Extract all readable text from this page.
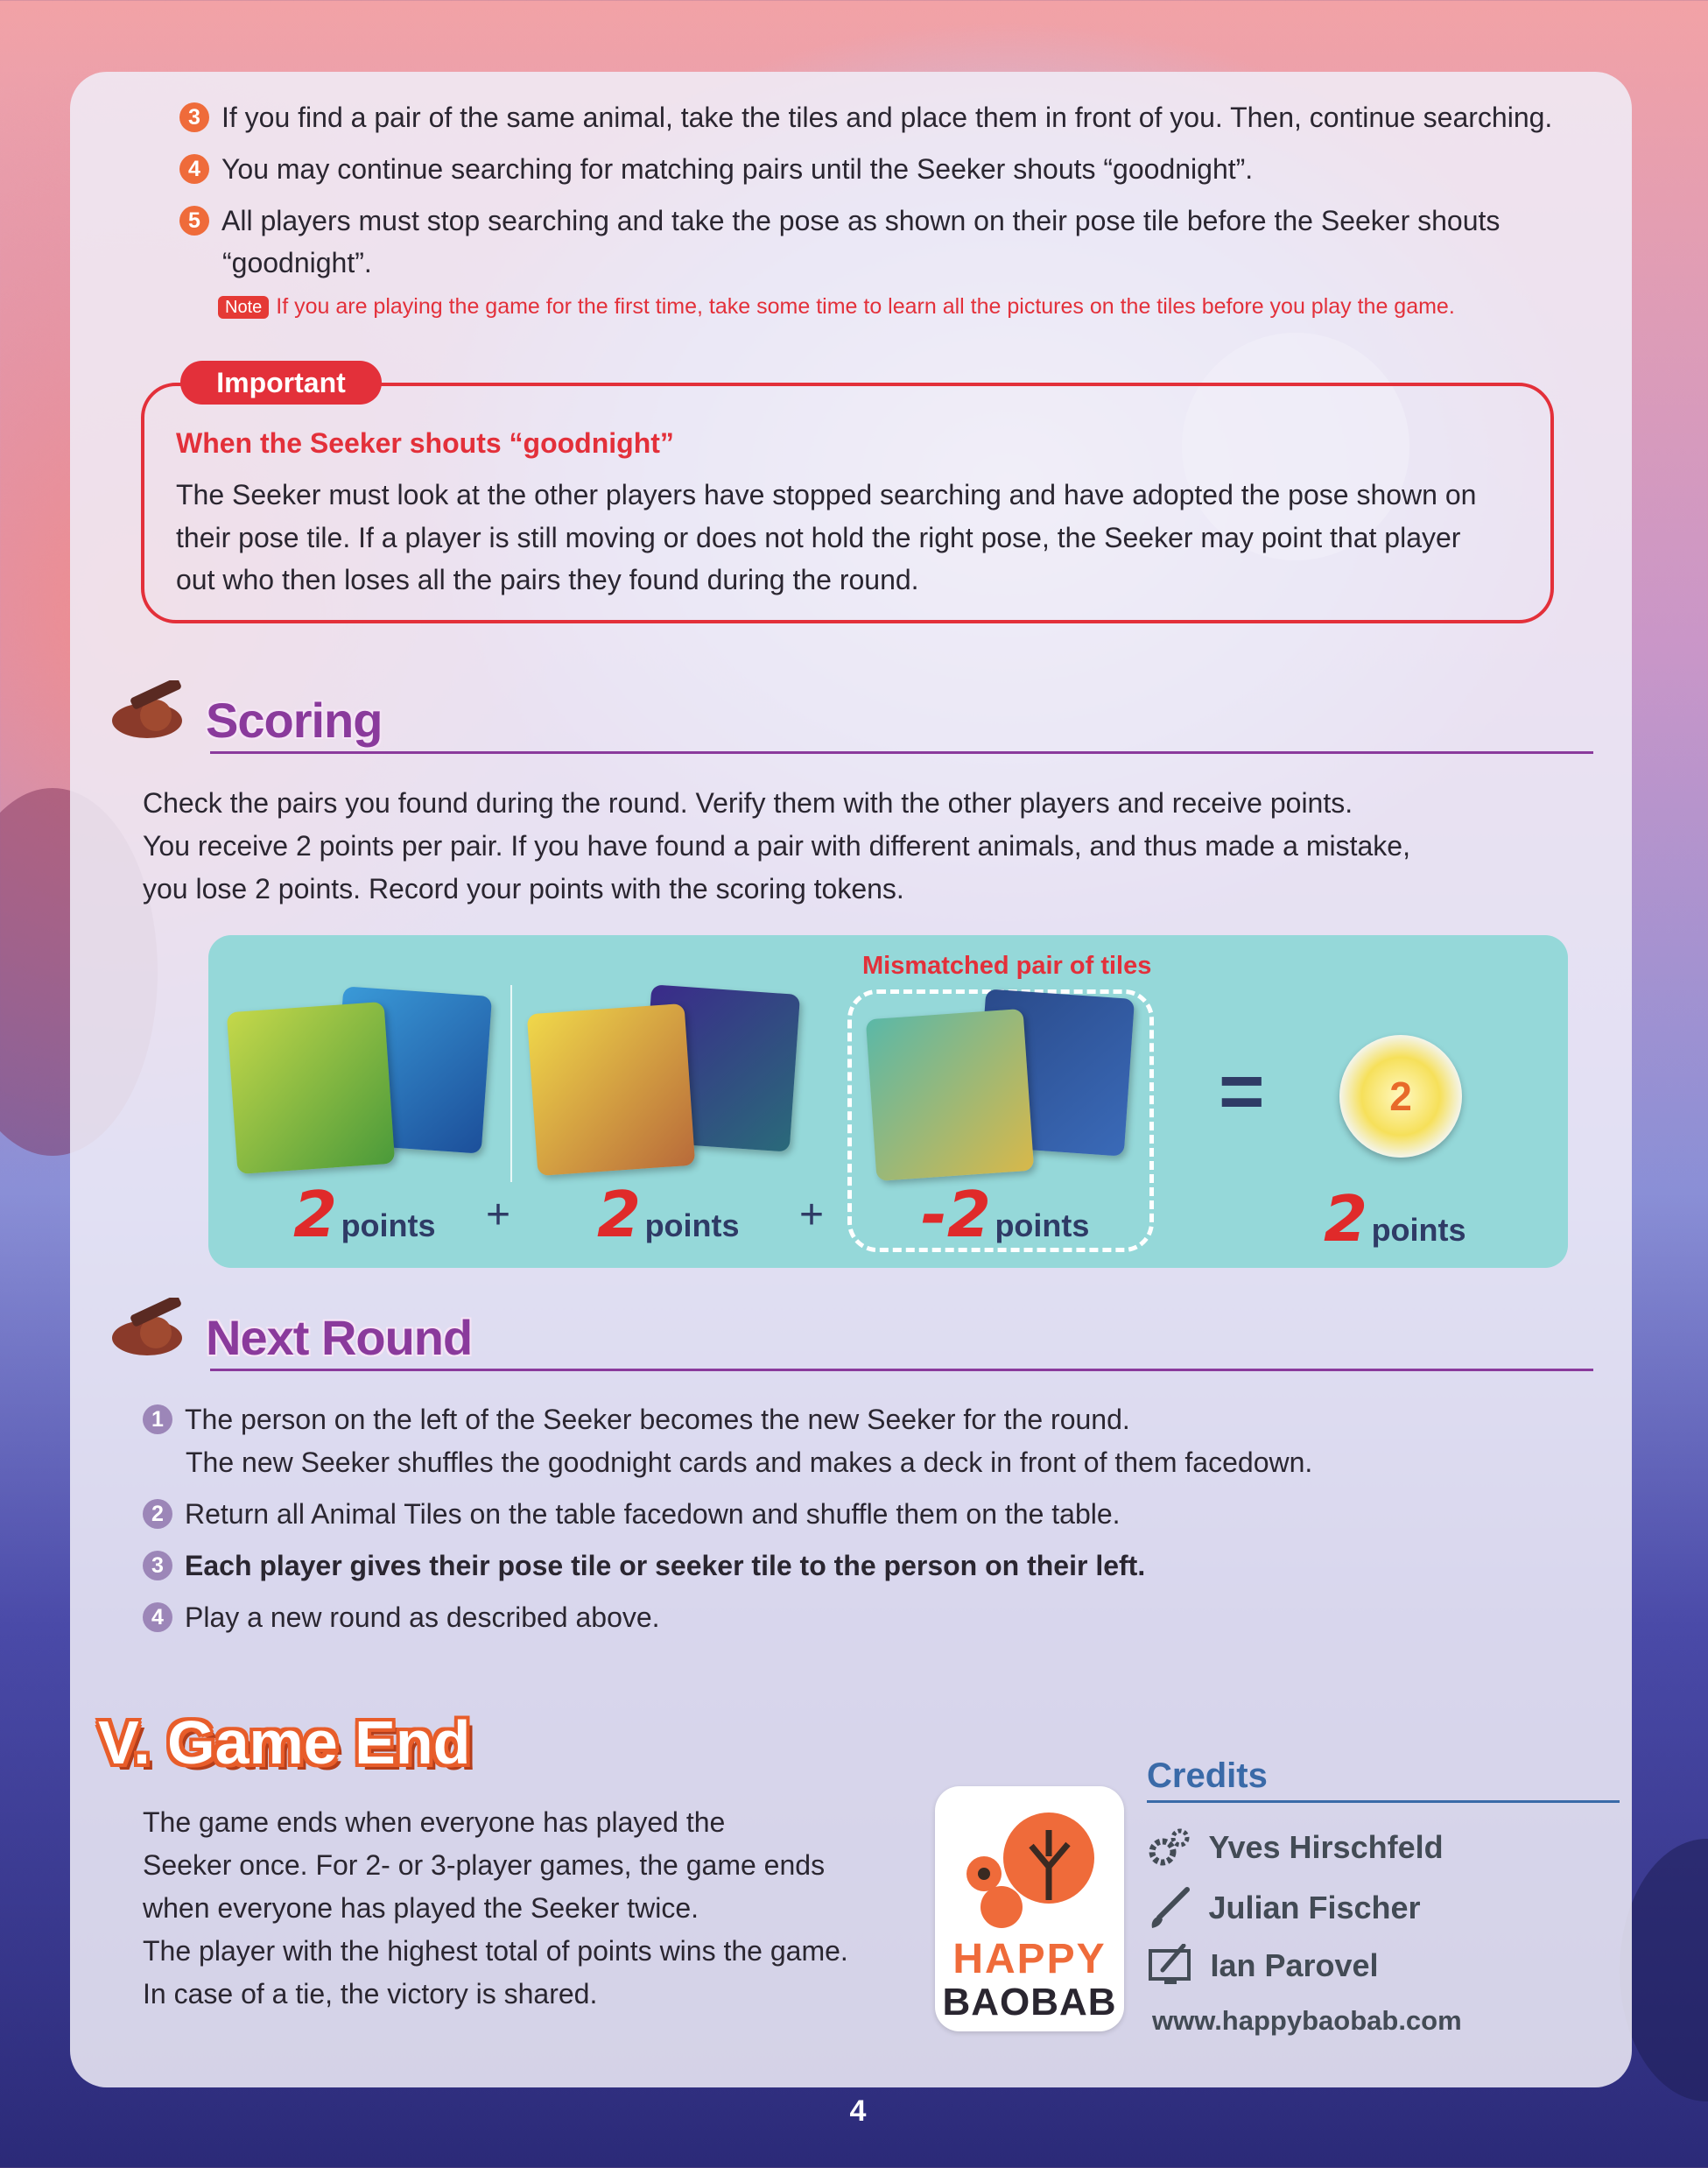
3 If you find a pair of the same animal, take the tiles and place them in front of you. Then, continue searching.
4 You may continue searching for matching pairs until the Seeker shouts “goodnight”.
5 All players must stop searching and take the pose as shown on their pose tile before the Seeker shouts
“goodnight”.
Note If you are playing the game for the first time, take some time to learn all the pictures on the tiles before you play the game.
Important
When the Seeker shouts “goodnight”
The Seeker must look at the other players have stopped searching and have adopted the pose shown on
their pose tile. If a player is still moving or does not hold the right pose, the Seeker may point that player
out who then loses all the pairs they found during the round.
Scoring
Check the pairs you found during the round. Verify them with the other players and receive points.
You receive 2 points per pair. If you have found a pair with different animals, and thus made a mistake,
you lose 2 points. Record your points with the scoring tokens.
Mismatched pair of tiles
=	2
2 points + 2 points + -2 points	2 points
Next Round
1 The person on the left of the Seeker becomes the new Seeker for the round.
The new Seeker shuffles the goodnight cards and makes a deck in front of them facedown.
2 Return all Animal Tiles on the table facedown and shuffle them on the table.
3 Each player gives their pose tile or seeker tile to the person on their left.
4 Play a new round as described above.
V. Game End
The game ends when everyone has played the
Seeker once. For 2- or 3-player games, the game ends
when everyone has played the Seeker twice.
The player with the highest total of points wins the game.
In case of a tie, the victory is shared.
HAPPY
BAOBAB
Credits
Yves Hirschfeld
Julian Fischer
Ian Parovel
www.happybaobab.com
4
